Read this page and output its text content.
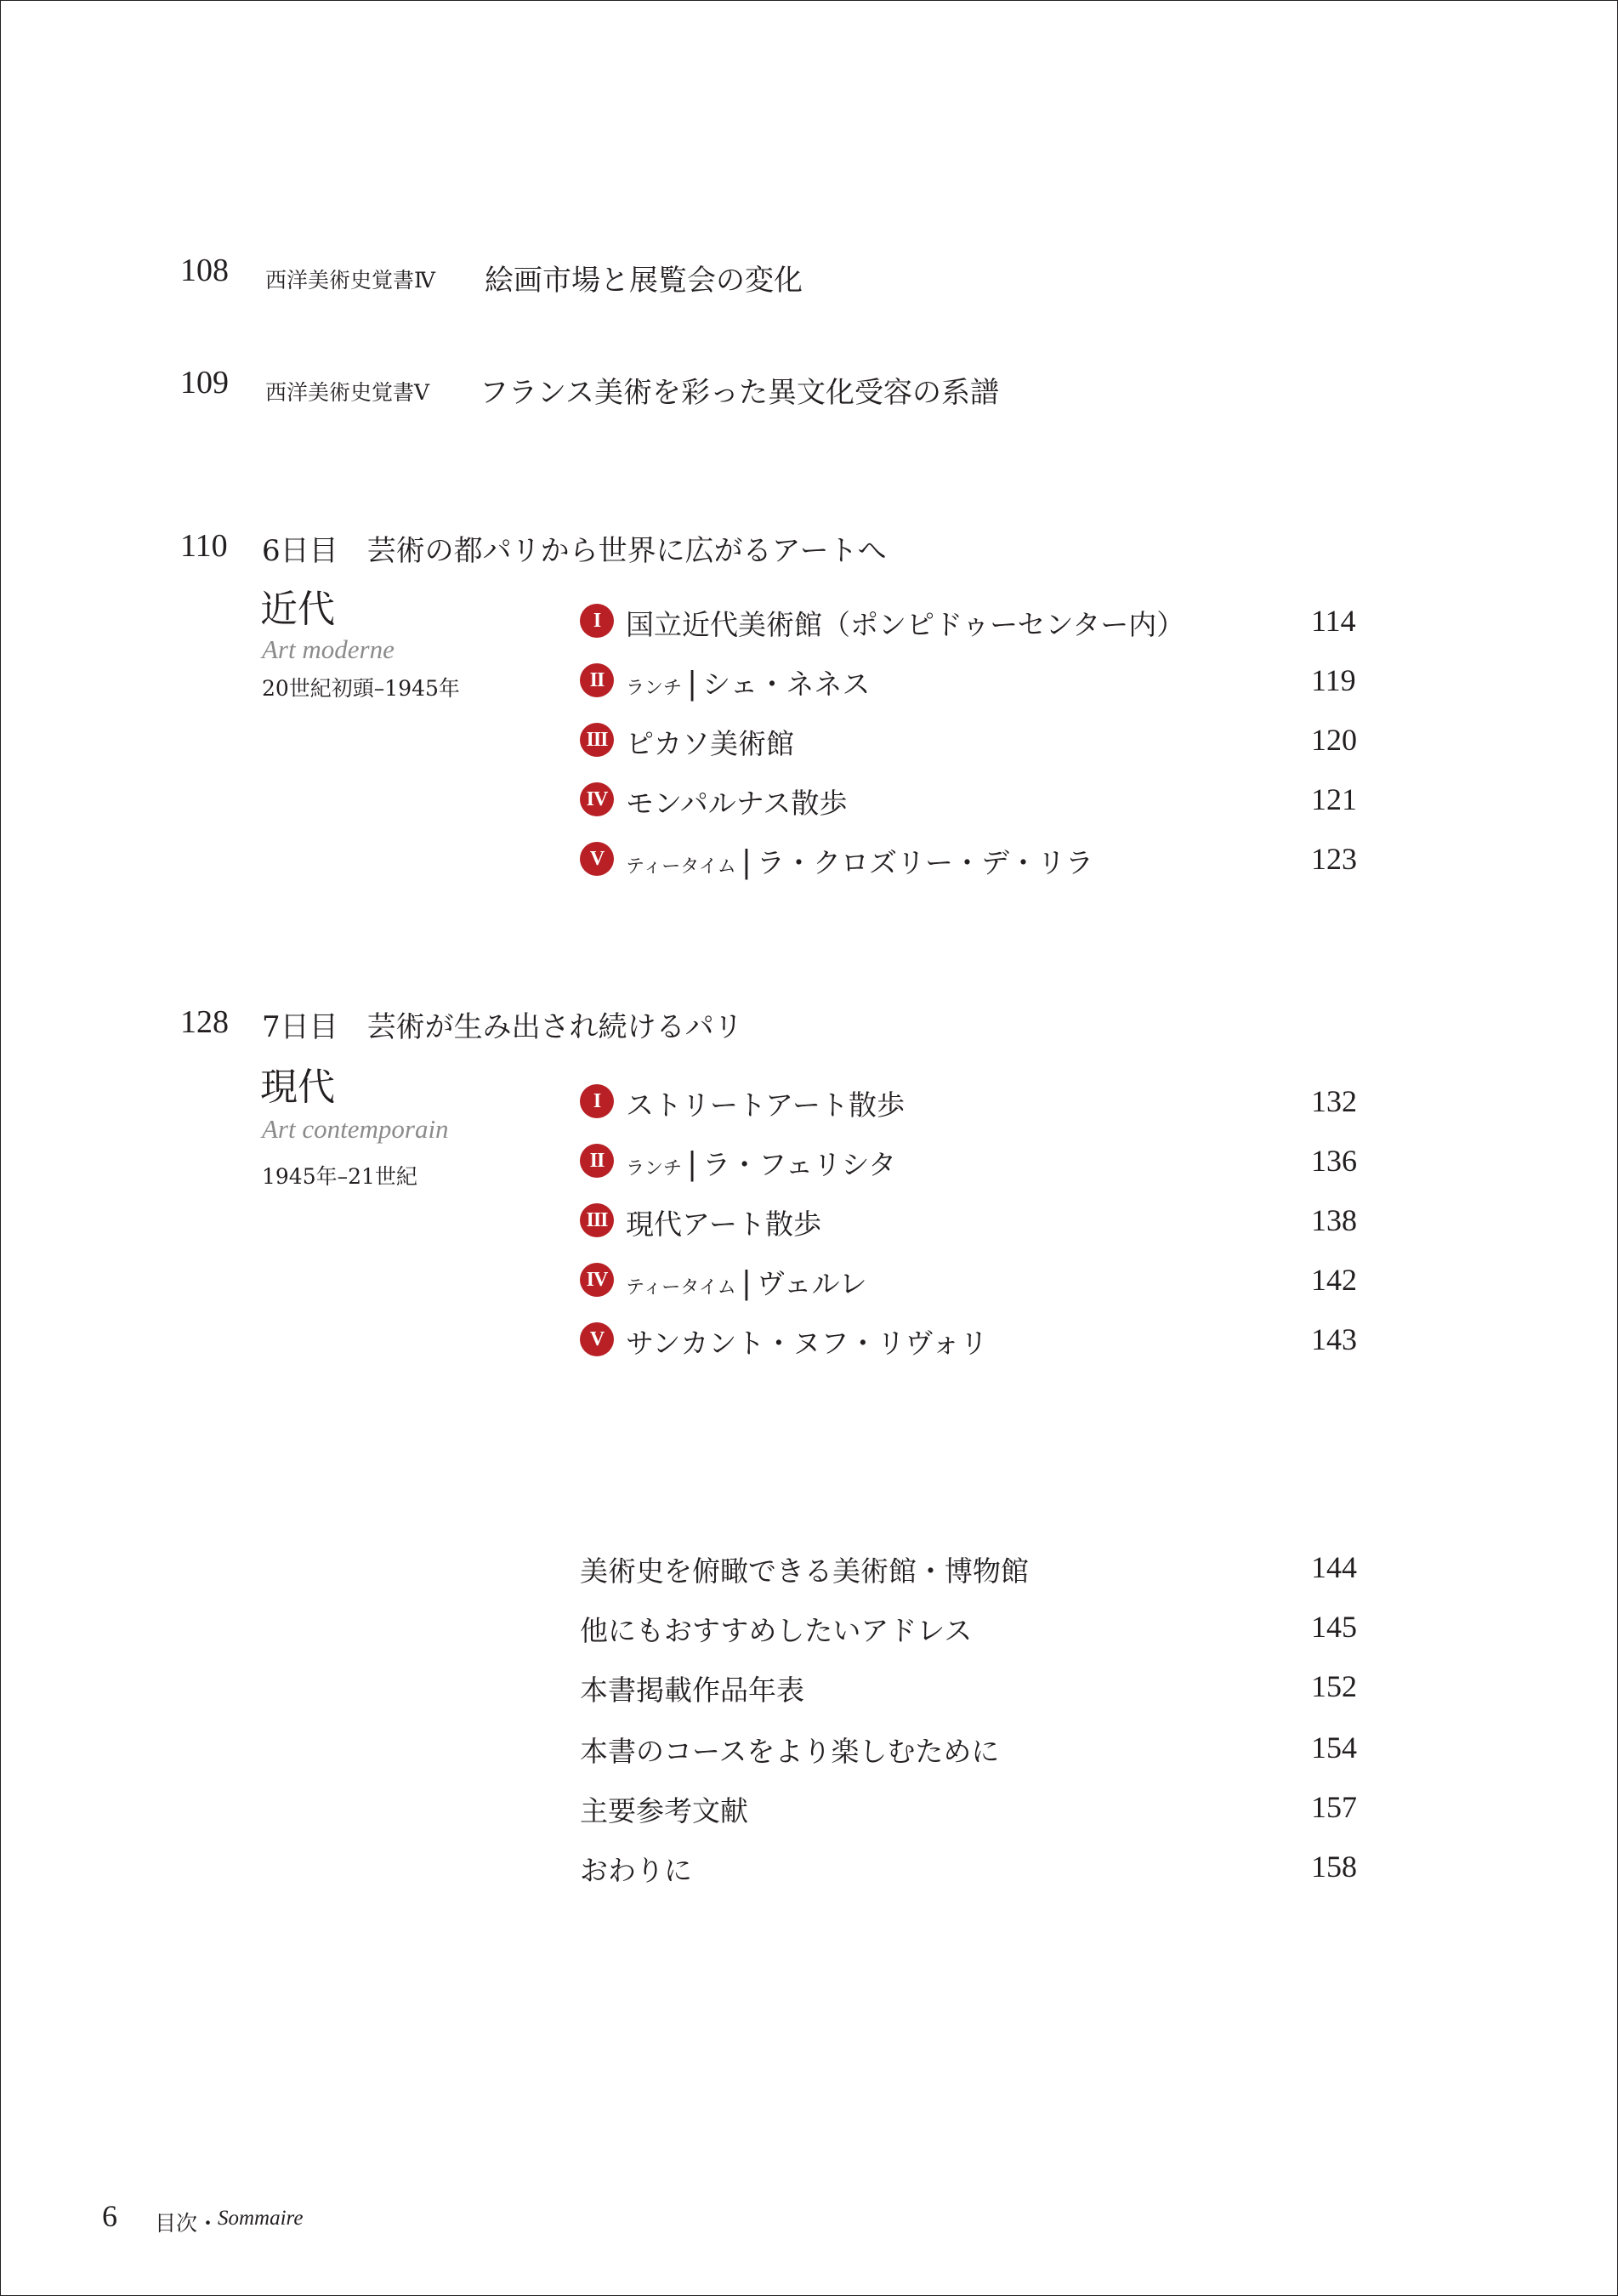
108 西洋美術史覚書Ⅳ 絵画市場と展覧会の変化
109 西洋美術史覚書Ⅴ フランス美術を彩った異文化受容の系譜
110 6日目　芸術の都パリから世界に広がるアートへ
近代
Art moderne
20世紀初頭–1945年
I 国立近代美術館（ポンピドゥーセンター内）	114
II	ランチ | シェ・ネネス	119
III ピカソ美術館	120
IV モンパルナス散歩	121
V	ティータイム | ラ・クロズリー・デ・リラ	123
128 7日目　芸術が生み出され続けるパリ
現代
Art contemporain
1945年–21世紀
I ストリートアート散歩	132
II	ランチ | ラ・フェリシタ	136
III 現代アート散歩	138
IV ティータイム | ヴェルレ	142
V サンカント・ヌフ・リヴォリ	143
美術史を俯瞰できる美術館・博物館	144
他にもおすすめしたいアドレス	145
本書掲載作品年表	152
本書のコースをより楽しむために	154
主要参考文献	157
おわりに	158
6 目次・
Sommaire
